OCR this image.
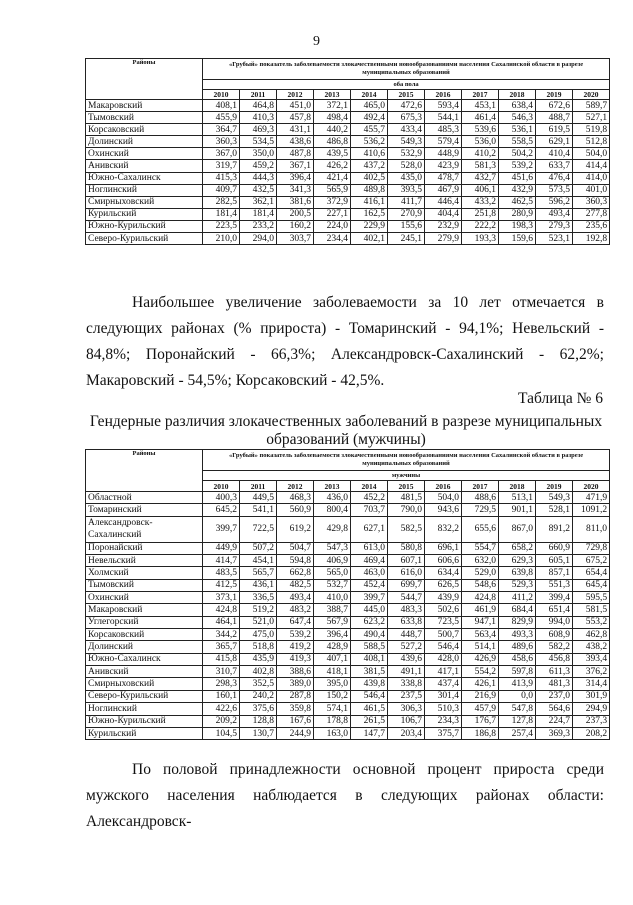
9
Районы	«Грубый» показатель заболеваемости злокачественными новообразованиями населения Сахалинской области в разрезе муниципальных образований										
	оба пола										
	2010	2011	2012	2013	2014	2015	2016	2017	2018	2019	2020
Макаровский	408,1	464,8	451,0	372,1	465,0	472,6	593,4	453,1	638,4	672,6	589,7
Тымовский	455,9	410,3	457,8	498,4	492,4	675,3	544,1	461,4	546,3	488,7	527,1
Корсаковский	364,7	469,3	431,1	440,2	455,7	433,4	485,3	539,6	536,1	619,5	519,8
Долинский	360,3	534,5	438,6	486,8	536,2	549,3	579,4	536,0	558,5	629,1	512,8
Охинский	367,0	350,0	487,8	439,5	410,6	532,9	448,9	410,2	504,2	410,4	504,0
Анивский	319,7	459,2	367,1	426,2	437,2	528,0	423,9	581,3	539,2	633,7	414,4
Южно-Сахалинск	415,3	444,3	396,4	421,4	402,5	435,0	478,7	432,7	451,6	476,4	414,0
Ноглинский	409,7	432,5	341,3	565,9	489,8	393,5	467,9	406,1	432,9	573,5	401,0
Смирныховский	282,5	362,1	381,6	372,9	416,1	411,7	446,4	433,2	462,5	596,2	360,3
Курильский	181,4	181,4	200,5	227,1	162,5	270,9	404,4	251,8	280,9	493,4	277,8
Южно-Курильский	223,5	233,2	160,2	224,0	229,9	155,6	232,9	222,2	198,3	279,3	235,6
Северо-Курильский	210,0	294,0	303,7	234,4	402,1	245,1	279,9	193,3	159,6	523,1	192,8
Наибольшее увеличение заболеваемости за 10 лет отмечается в следующих районах (% прироста) - Томаринский - 94,1%; Невельский - 84,8%; Поронайский - 66,3%; Александровск-Сахалинский - 62,2%; Макаровский - 54,5%; Корсаковский - 42,5%.
Таблица № 6
Гендерные различия злокачественных заболеваний в разрезе муниципальных образований (мужчины)
Районы	«Грубый» показатель заболеваемости злокачественными новообразованиями населения Сахалинской области в разрезе муниципальных образований										
	мужчины										
	2010	2011	2012	2013	2014	2015	2016	2017	2018	2019	2020
Областной	400,3	449,5	468,3	436,0	452,2	481,5	504,0	488,6	513,1	549,3	471,9
Томаринский	645,2	541,1	560,9	800,4	703,7	790,0	943,6	729,5	901,1	528,1	1091,2
Александровск-Сахалинский	399,7	722,5	619,2	429,8	627,1	582,5	832,2	655,6	867,0	891,2	811,0
Поронайский	449,9	507,2	504,7	547,3	613,0	580,8	696,1	554,7	658,2	660,9	729,8
Невельский	414,7	454,1	594,8	406,9	469,4	607,1	606,6	632,0	629,3	605,1	675,2
Холмский	483,5	565,7	662,8	565,0	463,0	616,0	634,4	529,0	639,8	857,1	654,4
Тымовский	412,5	436,1	482,5	532,7	452,4	699,7	626,5	548,6	529,3	551,3	645,4
Охинский	373,1	336,5	493,4	410,0	399,7	544,7	439,9	424,8	411,2	399,4	595,5
Макаровский	424,8	519,2	483,2	388,7	445,0	483,3	502,6	461,9	684,4	651,4	581,5
Углегорский	464,1	521,0	647,4	567,9	623,2	633,8	723,5	947,1	829,9	994,0	553,2
Корсаковский	344,2	475,0	539,2	396,4	490,4	448,7	500,7	563,4	493,3	608,9	462,8
Долинский	365,7	518,8	419,2	428,9	588,5	527,2	546,4	514,1	489,6	582,2	438,2
Южно-Сахалинск	415,8	435,9	419,3	407,1	408,1	439,6	428,0	426,9	458,6	456,8	393,4
Анивский	310,7	402,8	388,6	418,1	381,5	491,1	417,1	554,2	597,8	611,3	376,2
Смирныховский	298,3	352,5	389,0	395,0	439,8	338,8	437,4	426,1	413,9	481,3	314,4
Северо-Курильский	160,1	240,2	287,8	150,2	546,4	237,5	301,4	216,9	0,0	237,0	301,9
Ноглинский	422,6	375,6	359,8	574,1	461,5	306,3	510,3	457,9	547,8	564,6	294,9
Южно-Курильский	209,2	128,8	167,6	178,8	261,5	106,7	234,3	176,7	127,8	224,7	237,3
Курильский	104,5	130,7	244,9	163,0	147,7	203,4	375,7	186,8	257,4	369,3	208,2
По половой принадлежности основной процент прироста среди мужского населения наблюдается в следующих районах области: Александровск-
